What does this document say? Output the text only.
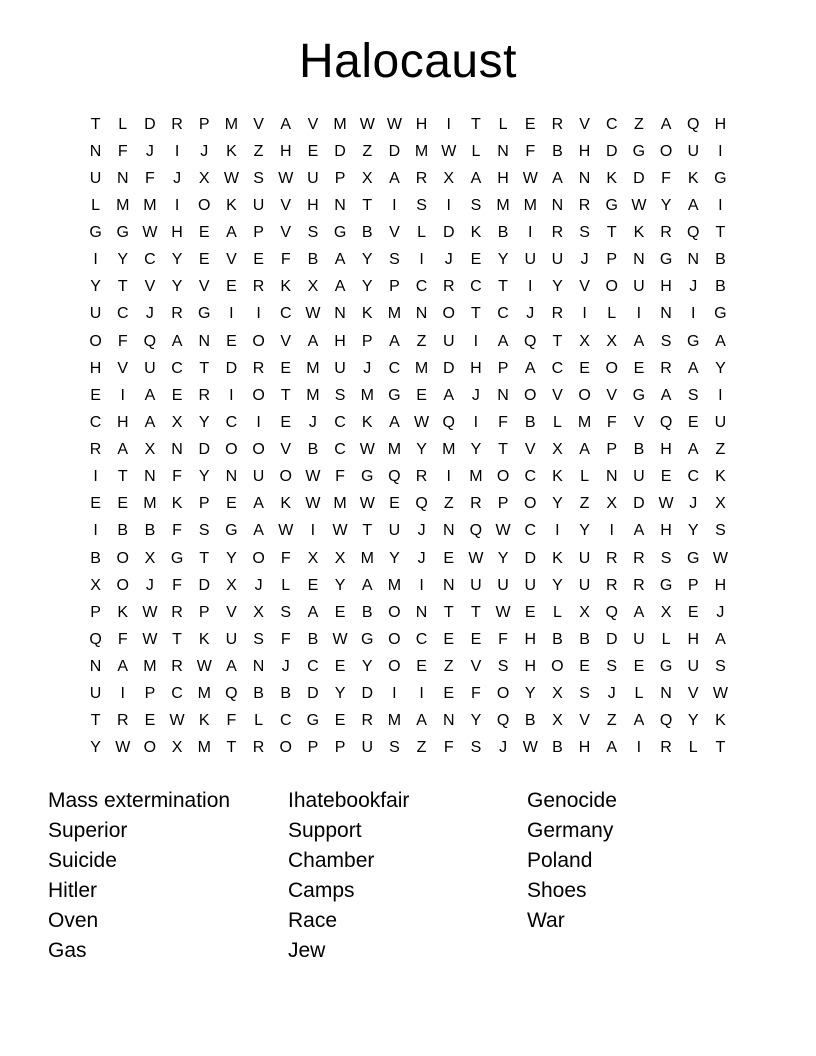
Halocaust
T	L	D R	P M V	A	V M W W H	I	T	L	E	R	V	C	Z	A Q H
N	F	J	I	J	K	Z	H	E	D	Z	D M W L	N	F	B	H D G O U	I
U N	F	J	X W S W U	P	X	A	R	X	A	H W A	N	K	D	F	K G
L	M M	I	O K	U	V	H N	T	I	S	I	S M M N R G W Y	A	I
G G W H	E	A	P	V	S G B	V	L	D	K	B	I	R	S	T	K	R Q	T
I	Y	C	Y	E	V	E	F	B	A	Y	S	I	J	E	Y	U U	J	P	N G N	B
Y	T	V	Y	V	E	R	K	X	A	Y	P	C R C	T	I	Y	V O U H	J	B
U C	J	R G	I	I	C W N	K M N O	T	C	J	R	I	L	I	N	I	G
O	F	Q A	N	E O V	A	H	P	A	Z	U	I	A Q	T	X	X	A	S G A
H	V	U C	T	D R	E M U	J	C M D H	P	A	C	E O E	R	A	Y
E	I	A	E	R	I	O	T M S M G E	A	J	N O V O V G A	S	I
C H	A	X	Y	C	I	E	J	C	K	A W Q	I	F	B	L	M F	V Q E	U
R	A	X	N D O O V	B	C W M Y M Y	T	V	X	A	P	B	H	A	Z
I	T	N	F	Y	N U O W F	G Q R	I	M O C	K	L	N U	E	C	K
E	E M K	P	E	A	K W M W E Q	Z	R	P O Y	Z	X	D W J	X
I	B	B	F	S G A W	I	W T	U	J	N Q W C	I	Y	I	A	H	Y	S
B O X G	T	Y O	F	X	X M Y	J	E W Y	D	K	U R R	S G W
X O	J	F	D	X	J	L	E	Y	A M	I	N U U U	Y	U R R G P	H
P	K W R	P	V	X	S	A	E	B O N	T	T W E	L	X Q A	X	E	J
Q	F W T	K	U	S	F	B W G O C	E	E	F	H	B	B	D U	L	H	A
N	A M R W A	N	J	C	E	Y O E	Z	V	S	H O E	S	E G U	S
U	I	P	C M Q B	B	D	Y	D	I	I	E	F	O Y	X	S	J	L	N	V W
T	R	E W K	F	L	C G E	R M A	N	Y Q B	X	V	Z	A Q Y	K
Y W O X M T	R O P	P	U	S	Z	F	S	J W B	H	A	I	R	L	T
Mass extermination
Superior
Suicide
Hitler
Oven
Gas
Ihatebookfair
Support
Chamber
Camps
Race
Jew
Genocide
Germany
Poland
Shoes
War
